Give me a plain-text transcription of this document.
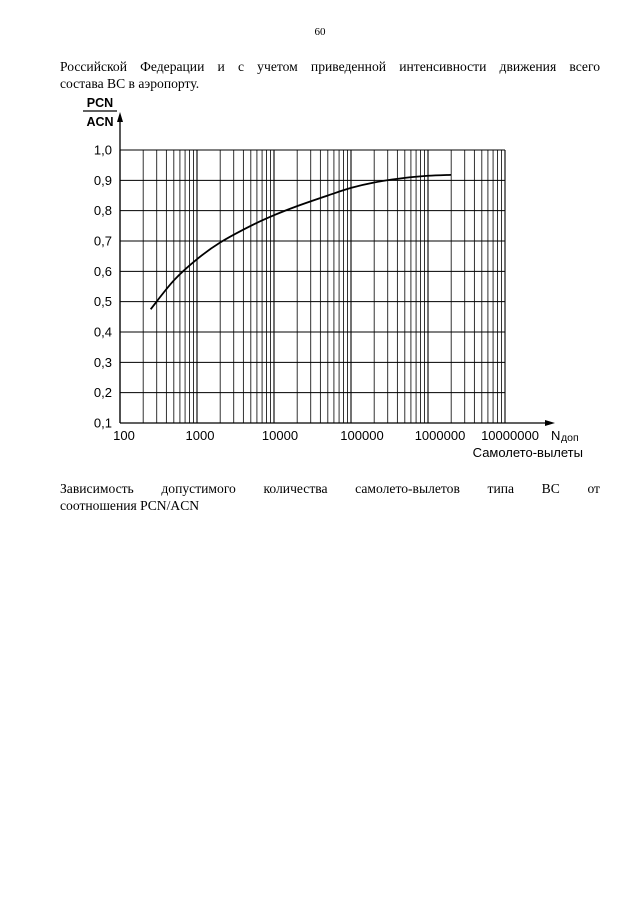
60
Российской Федерации и с учетом приведенной интенсивности движения всего
состава ВС в аэропорту.
1,0
0,9
0,8
0,7
0,6
0,5
0,4
0,3
0,2
0,1
100	1000	10000	100000 1000000 10000000
PCN
ACN
N доп
Самолето-вылеты
Зависимость допустимого количества самолето-вылетов типа ВС от
соотношения PCN/ACN
